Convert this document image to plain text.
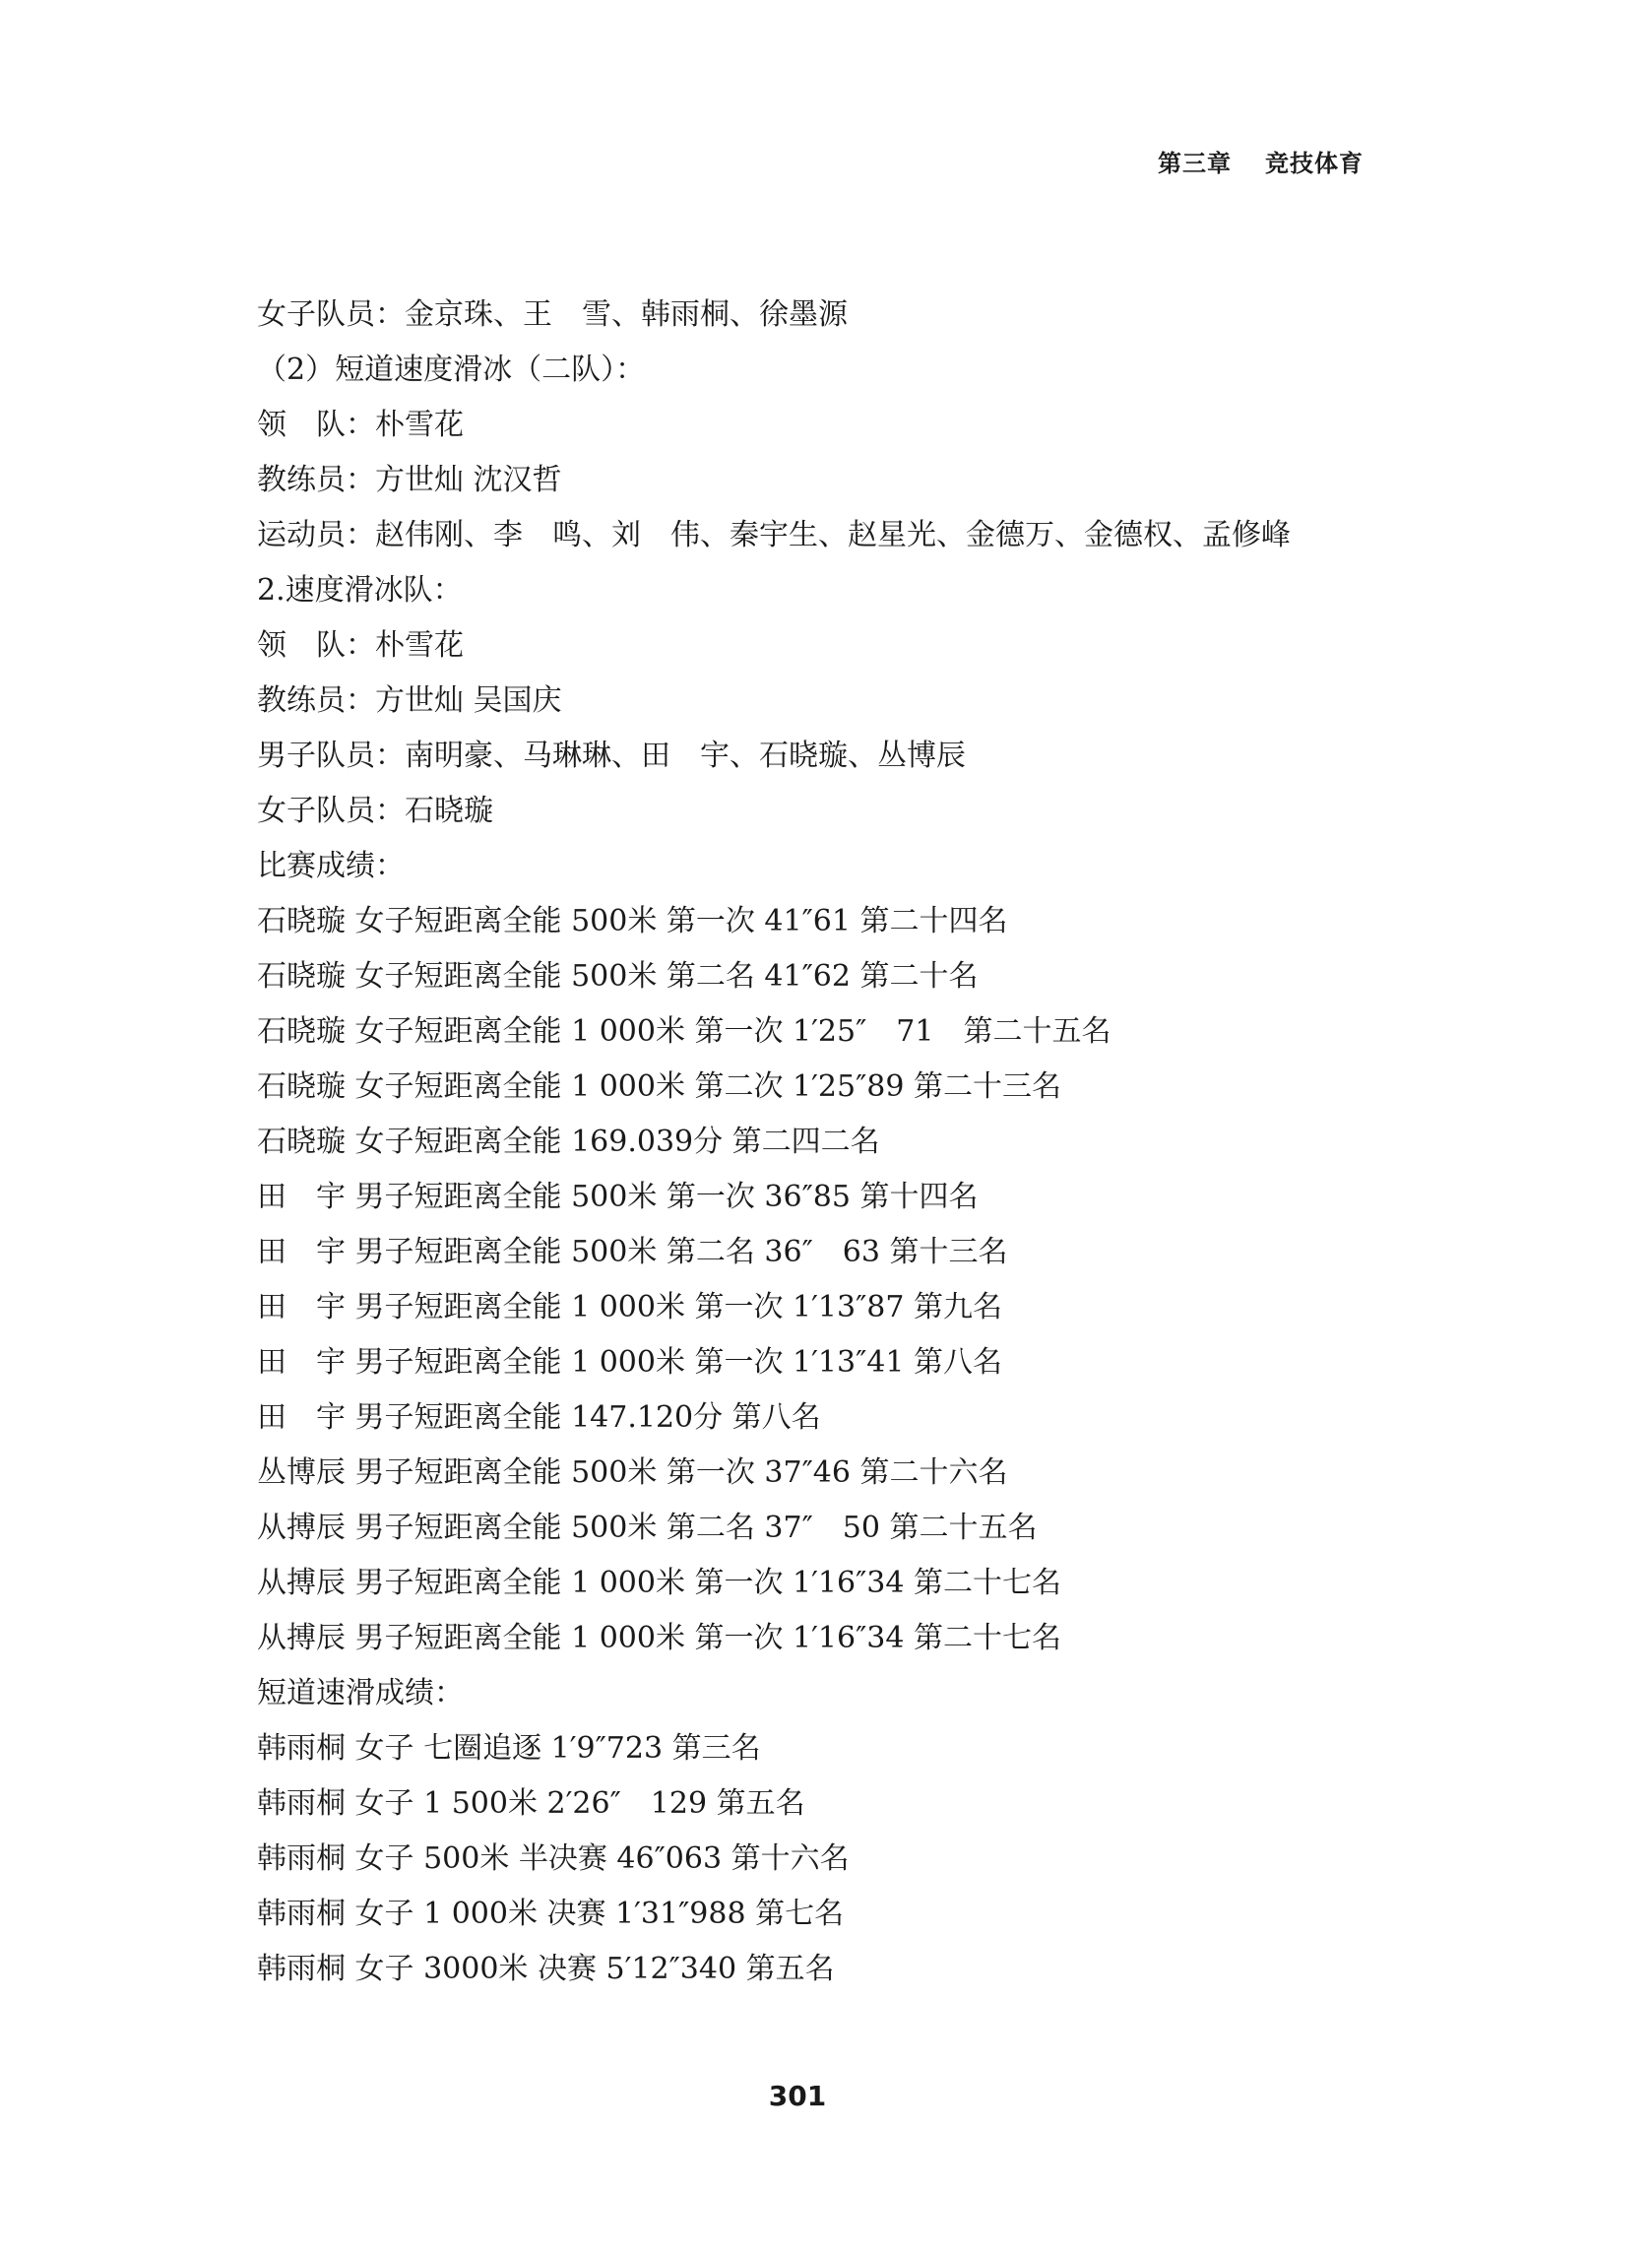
第三章 竞技体育
女子队员：金京珠、王　雪、韩雨桐、徐墨源
（2）短道速度滑冰（二队）：
领　队：朴雪花
教练员：方世灿 沈汉哲
运动员：赵伟刚、李　鸣、刘　伟、秦宇生、赵星光、金德万、金德权、孟修峰
2.速度滑冰队：
领　队：朴雪花
教练员：方世灿 吴国庆
男子队员：南明豪、马琳琳、田　宇、石晓璇、丛博辰
女子队员：石晓璇
比赛成绩：
石晓璇 女子短距离全能 500米 第一次 41″61 第二十四名
石晓璇 女子短距离全能 500米 第二名 41″62 第二十名
石晓璇 女子短距离全能 1 000米 第一次 1′25″　71　第二十五名
石晓璇 女子短距离全能 1 000米 第二次 1′25″89 第二十三名
石晓璇 女子短距离全能 169.039分 第二四二名
田　宇 男子短距离全能 500米 第一次 36″85 第十四名
田　宇 男子短距离全能 500米 第二名 36″　63 第十三名
田　宇 男子短距离全能 1 000米 第一次 1′13″87 第九名
田　宇 男子短距离全能 1 000米 第一次 1′13″41 第八名
田　宇 男子短距离全能 147.120分 第八名
丛博辰 男子短距离全能 500米 第一次 37″46 第二十六名
从搏辰 男子短距离全能 500米 第二名 37″　50 第二十五名
从搏辰 男子短距离全能 1 000米 第一次 1′16″34 第二十七名
从搏辰 男子短距离全能 1 000米 第一次 1′16″34 第二十七名
短道速滑成绩：
韩雨桐 女子 七圈追逐 1′9″723 第三名
韩雨桐 女子 1 500米 2′26″　129 第五名
韩雨桐 女子 500米 半决赛 46″063 第十六名
韩雨桐 女子 1 000米 决赛 1′31″988 第七名
韩雨桐 女子 3000米 决赛 5′12″340 第五名
301
